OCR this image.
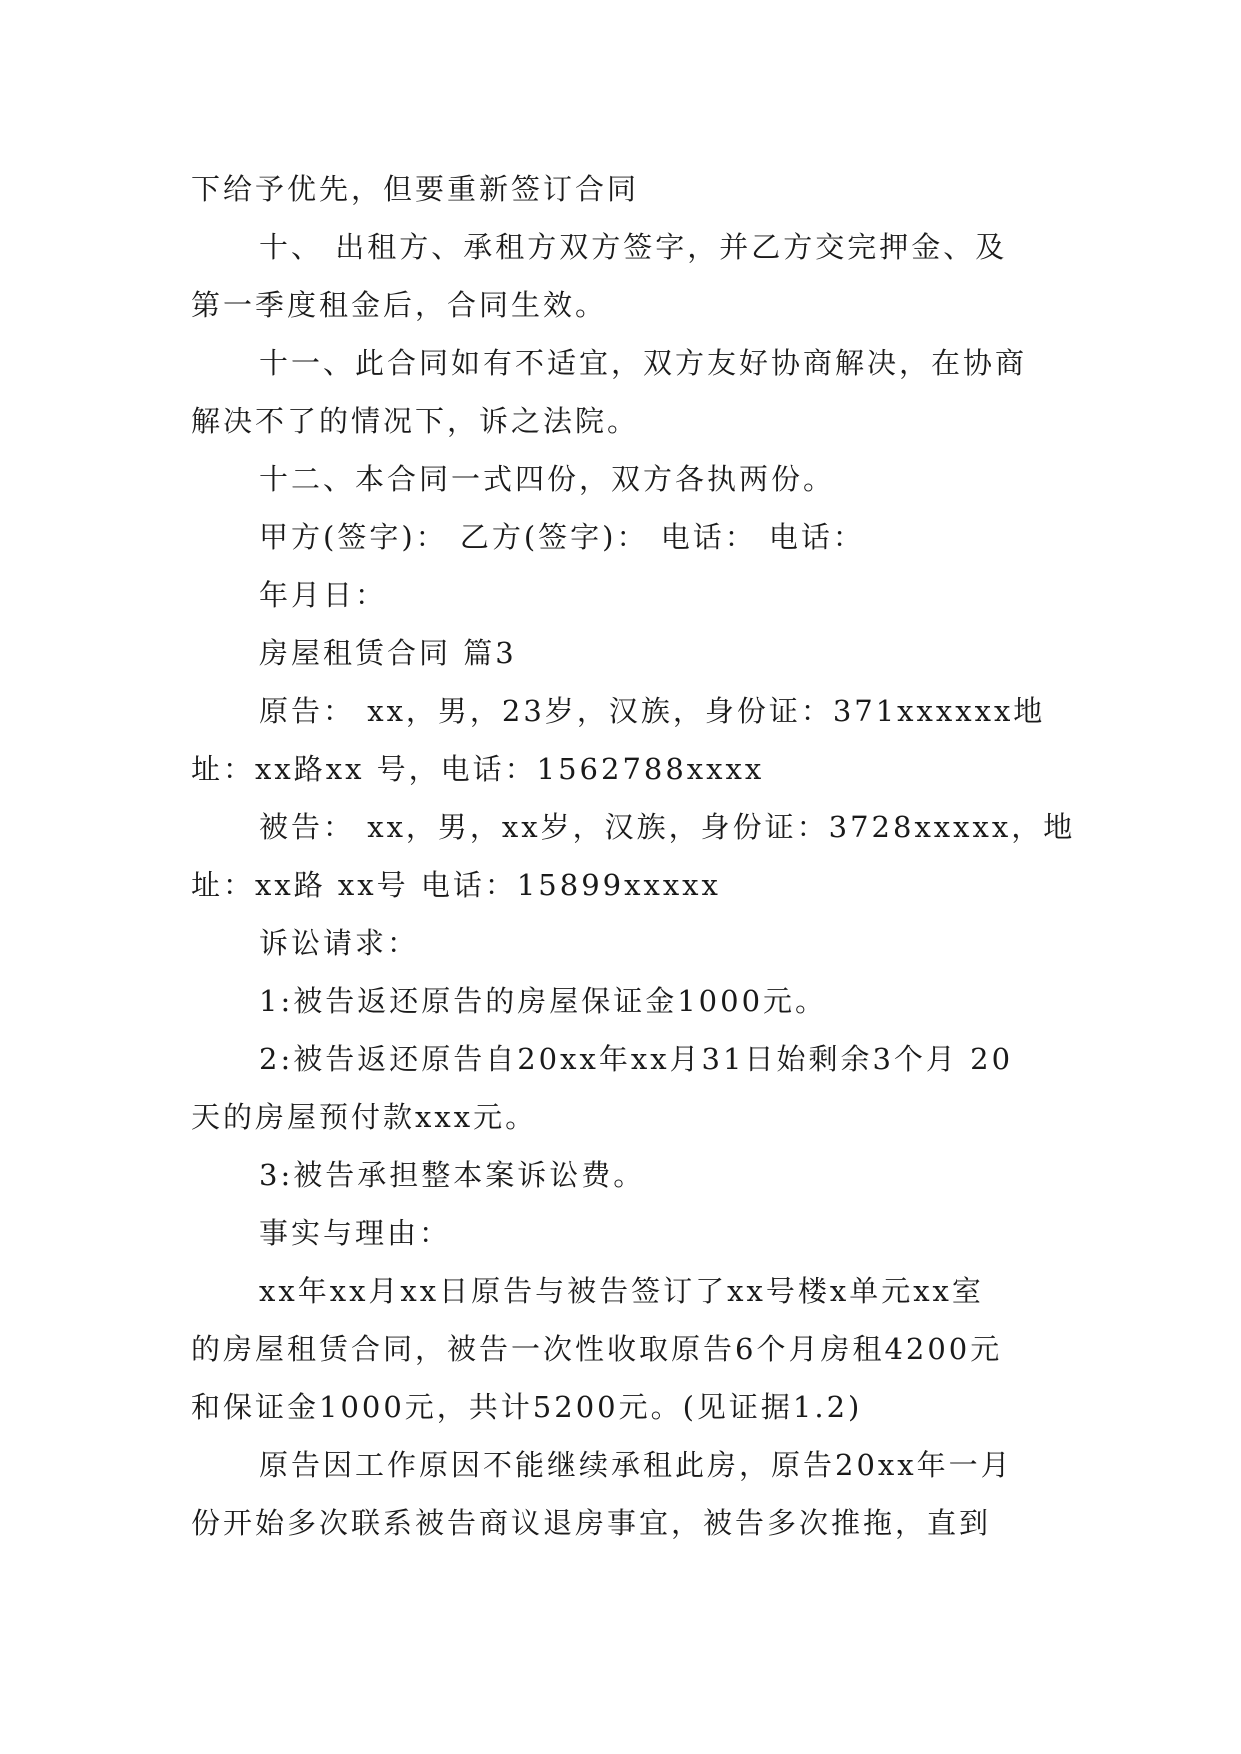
下给予优先，但要重新签订合同
十、 出租方、承租方双方签字，并乙方交完押金、及
第一季度租金后，合同生效。
十一、此合同如有不适宜，双方友好协商解决，在协商
解决不了的情况下，诉之法院。
十二、本合同一式四份，双方各执两份。
甲方(签字)： 乙方(签字)： 电话： 电话：
年月日：
房屋租赁合同 篇3
原告： xx，男，23岁，汉族，身份证：371xxxxxx地
址：xx路xx 号，电话：1562788xxxx
被告： xx，男，xx岁，汉族，身份证：3728xxxxx，地
址：xx路 xx号 电话：15899xxxxx
诉讼请求：
1:被告返还原告的房屋保证金1000元。
2:被告返还原告自20xx年xx月31日始剩余3个月 20
天的房屋预付款xxx元。
3:被告承担整本案诉讼费。
事实与理由：
xx年xx月xx日原告与被告签订了xx号楼x单元xx室
的房屋租赁合同，被告一次性收取原告6个月房租4200元
和保证金1000元，共计5200元。(见证据1.2)
原告因工作原因不能继续承租此房，原告20xx年一月
份开始多次联系被告商议退房事宜，被告多次推拖，直到
